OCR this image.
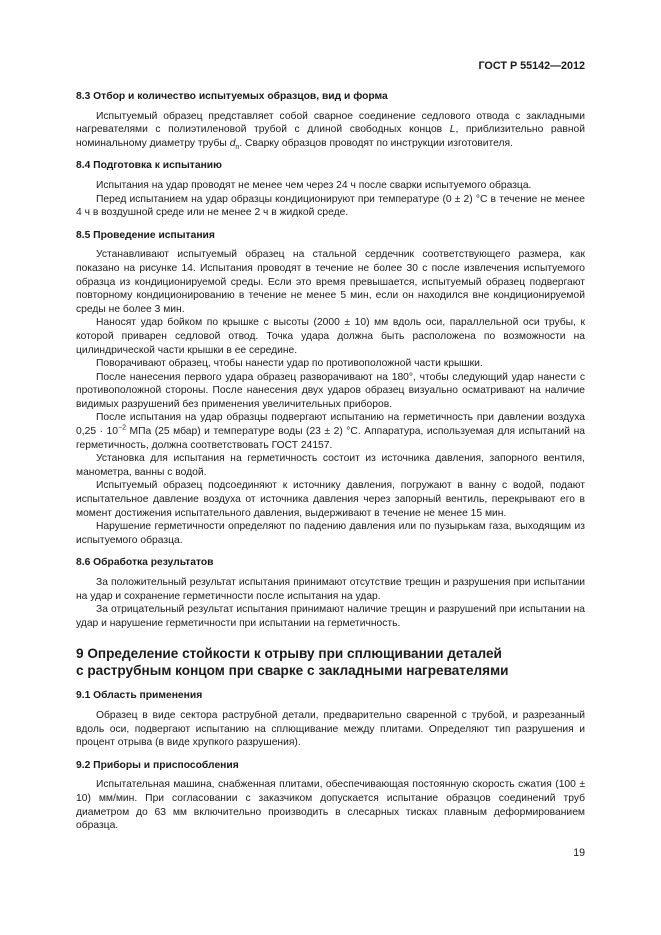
ГОСТ Р 55142—2012
8.3 Отбор и количество испытуемых образцов, вид и форма

Испытуемый образец представляет собой сварное соединение седлового отвода с закладными нагревателями с полиэтиленовой трубой с длиной свободных концов L, приблизительно равной номинальному диаметру трубы $d_n$. Сварку образцов проводят по инструкции изготовителя.

8.4 Подготовка к испытанию

Испытания на удар проводят не менее чем через 24 ч после сварки испытуемого образца.

Перед испытанием на удар образцы кондиционируют при температуре (0 ± 2) °С в течение не менее 4 ч в воздушной среде или не менее 2 ч в жидкой среде.

8.5 Проведение испытания

Устанавливают испытуемый образец на стальной сердечник соответствующего размера, как показано на рисунке 14. Испытания проводят в течение не более 30 с после извлечения испытуемого образца из кондиционируемой среды. Если это время превышается, испытуемый образец подвергают повторному кондиционированию в течение не менее 5 мин, если он находился вне кондиционируемой среды не более 3 мин.

Наносят удар бойком по крышке с высоты (2000 ± 10) мм вдоль оси, параллельной оси трубы, к которой приварен седловой отвод. Точка удара должна быть расположена по возможности на цилиндрической части крышки в ее середине.

Поворачивают образец, чтобы нанести удар по противоположной части крышки.

После нанесения первого удара образец разворачивают на 180°, чтобы следующий удар нанести с противоположной стороны. После нанесения двух ударов образец визуально осматривают на наличие видимых разрушений без применения увеличительных приборов.

После испытания на удар образцы подвергают испытанию на герметичность при давлении воздуха $0,25 \cdot 10^{-2}$ МПа (25 мбар) и температуре воды (23 ± 2) °С. Аппаратура, используемая для испытаний на герметичность, должна соответствовать ГОСТ 24157.

Установка для испытания на герметичность состоит из источника давления, запорного вентиля, манометра, ванны с водой.

Испытуемый образец подсоединяют к источнику давления, погружают в ванну с водой, подают испытательное давление воздуха от источника давления через запорный вентиль, перекрывают его в момент достижения испытательного давления, выдерживают в течение не менее 15 мин.

Нарушение герметичности определяют по падению давления или по пузырькам газа, выходящим из испытуемого образца.

8.6 Обработка результатов

За положительный результат испытания принимают отсутствие трещин и разрушения при испытании на удар и сохранение герметичности после испытания на удар.

За отрицательный результат испытания принимают наличие трещин и разрушений при испытании на удар и нарушение герметичности при испытании на герметичность.

9 Определение стойкости к отрыву при сплющивании деталей
с раструбным концом при сварке с закладными нагревателями
9.1 Область применения

Образец в виде сектора раструбной детали, предварительно сваренной с трубой, и разрезанный вдоль оси, подвергают испытанию на сплющивание между плитами. Определяют тип разрушения и процент отрыва (в виде хрупкого разрушения).

9.2 Приборы и приспособления

Испытательная машина, снабженная плитами, обеспечивающая постоянную скорость сжатия (100 ± 10) мм/мин. При согласовании с заказчиком допускается испытание образцов соединений труб диаметром до 63 мм включительно производить в слесарных тисках плавным деформированием образца.

19
